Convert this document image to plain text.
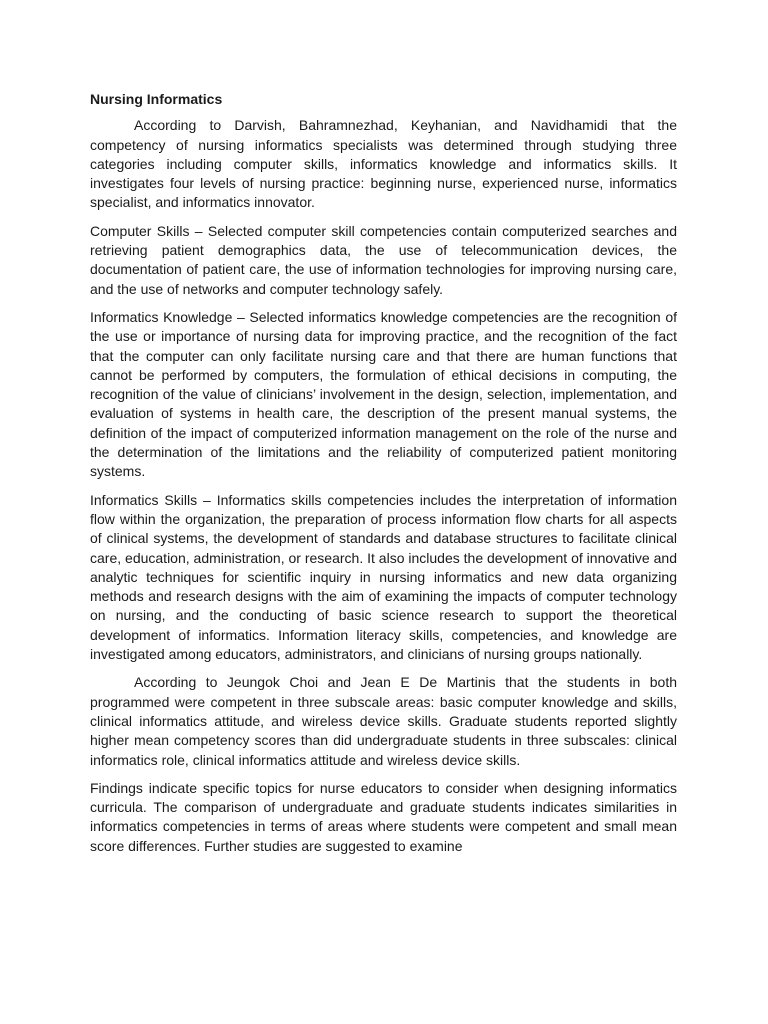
Nursing Informatics

According to Darvish, Bahramnezhad, Keyhanian, and Navidhamidi that the competency of nursing informatics specialists was determined through studying three categories including computer skills, informatics knowledge and informatics skills. It investigates four levels of nursing practice: beginning nurse, experienced nurse, informatics specialist, and informatics innovator.

Computer Skills – Selected computer skill competencies contain computerized searches and retrieving patient demographics data, the use of telecommunication devices, the documentation of patient care, the use of information technologies for improving nursing care, and the use of networks and computer technology safely.

Informatics Knowledge – Selected informatics knowledge competencies are the recognition of the use or importance of nursing data for improving practice, and the recognition of the fact that the computer can only facilitate nursing care and that there are human functions that cannot be performed by computers, the formulation of ethical decisions in computing, the recognition of the value of clinicians’ involvement in the design, selection, implementation, and evaluation of systems in health care, the description of the present manual systems, the definition of the impact of computerized information management on the role of the nurse and the determination of the limitations and the reliability of computerized patient monitoring systems.

Informatics Skills – Informatics skills competencies includes the interpretation of information flow within the organization, the preparation of process information flow charts for all aspects of clinical systems, the development of standards and database structures to facilitate clinical care, education, administration, or research. It also includes the development of innovative and analytic techniques for scientific inquiry in nursing informatics and new data organizing methods and research designs with the aim of examining the impacts of computer technology on nursing, and the conducting of basic science research to support the theoretical development of informatics. Information literacy skills, competencies, and knowledge are investigated among educators, administrators, and clinicians of nursing groups nationally.

According to Jeungok Choi and Jean E De Martinis that the students in both programmed were competent in three subscale areas: basic computer knowledge and skills, clinical informatics attitude, and wireless device skills. Graduate students reported slightly higher mean competency scores than did undergraduate students in three subscales: clinical informatics role, clinical informatics attitude and wireless device skills.

Findings indicate specific topics for nurse educators to consider when designing informatics curricula. The comparison of undergraduate and graduate students indicates similarities in informatics competencies in terms of areas where students were competent and small mean score differences. Further studies are suggested to examine
